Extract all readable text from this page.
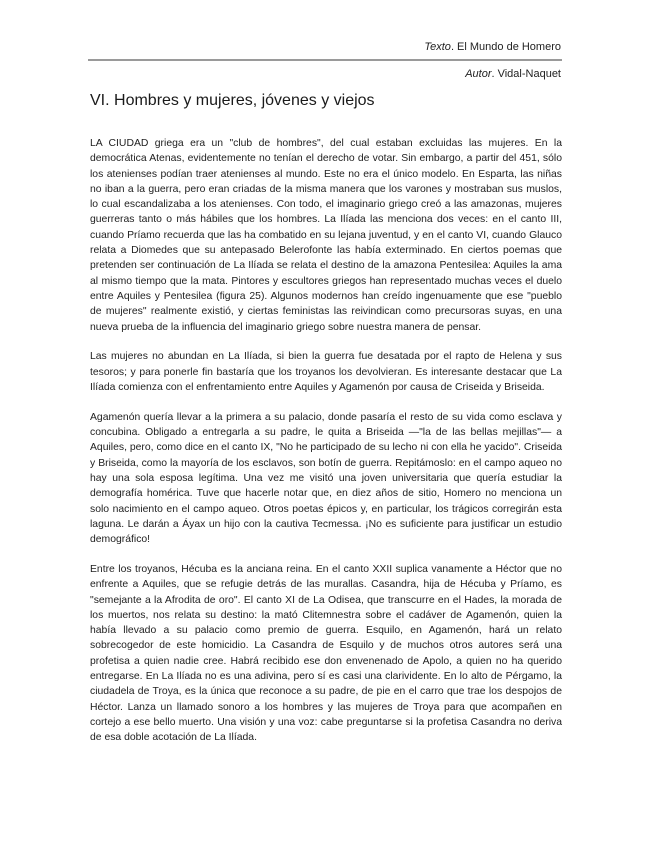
Texto. El Mundo de Homero
Autor. Vidal-Naquet
VI. Hombres y mujeres, jóvenes y viejos

LA CIUDAD griega era un "club de hombres", del cual estaban excluidas las mujeres. En la democrática Atenas, evidentemente no tenían el derecho de votar. Sin embargo, a partir del 451, sólo los atenienses podían traer atenienses al mundo. Este no era el único modelo. En Esparta, las niñas no iban a la guerra, pero eran criadas de la misma manera que los varones y mostraban sus muslos, lo cual escandalizaba a los atenienses. Con todo, el imaginario griego creó a las amazonas, mujeres guerreras tanto o más hábiles que los hombres. La Ilíada las menciona dos veces: en el canto III, cuando Príamo recuerda que las ha combatido en su lejana juventud, y en el canto VI, cuando Glauco relata a Diomedes que su antepasado Belerofonte las había exterminado. En ciertos poemas que pretenden ser continuación de La Ilíada se relata el destino de la amazona Pentesilea: Aquiles la ama al mismo tiempo que la mata. Pintores y escultores griegos han representado muchas veces el duelo entre Aquiles y Pentesilea (figura 25). Algunos modernos han creído ingenuamente que ese "pueblo de mujeres" realmente existió, y ciertas feministas las reivindican como precursoras suyas, en una nueva prueba de la influencia del imaginario griego sobre nuestra manera de pensar.

Las mujeres no abundan en La Ilíada, si bien la guerra fue desatada por el rapto de Helena y sus tesoros; y para ponerle fin bastaría que los troyanos los devolvieran. Es interesante destacar que La Ilíada comienza con el enfrentamiento entre Aquiles y Agamenón por causa de Criseida y Briseida.

Agamenón quería llevar a la primera a su palacio, donde pasaría el resto de su vida como esclava y concubina. Obligado a entregarla a su padre, le quita a Briseida —"la de las bellas mejillas"— a Aquiles, pero, como dice en el canto IX, "No he participado de su lecho ni con ella he yacido". Criseida y Briseida, como la mayoría de los esclavos, son botín de guerra. Repitámoslo: en el campo aqueo no hay una sola esposa legítima. Una vez me visitó una joven universitaria que quería estudiar la demografía homérica. Tuve que hacerle notar que, en diez años de sitio, Homero no menciona un solo nacimiento en el campo aqueo. Otros poetas épicos y, en particular, los trágicos corregirán esta laguna. Le darán a Áyax un hijo con la cautiva Tecmessa. ¡No es suficiente para justificar un estudio demográfico!

Entre los troyanos, Hécuba es la anciana reina. En el canto XXII suplica vanamente a Héctor que no enfrente a Aquiles, que se refugie detrás de las murallas. Casandra, hija de Hécuba y Príamo, es "semejante a la Afrodita de oro". El canto XI de La Odisea, que transcurre en el Hades, la morada de los muertos, nos relata su destino: la mató Clitemnestra sobre el cadáver de Agamenón, quien la había llevado a su palacio como premio de guerra. Esquilo, en Agamenón, hará un relato sobrecogedor de este homicidio. La Casandra de Esquilo y de muchos otros autores será una profetisa a quien nadie cree. Habrá recibido ese don envenenado de Apolo, a quien no ha querido entregarse. En La Ilíada no es una adivina, pero sí es casi una clarividente. En lo alto de Pérgamo, la ciudadela de Troya, es la única que reconoce a su padre, de pie en el carro que trae los despojos de Héctor. Lanza un llamado sonoro a los hombres y las mujeres de Troya para que acompañen en cortejo a ese bello muerto. Una visión y una voz: cabe preguntarse si la profetisa Casandra no deriva de esa doble acotación de La Ilíada.
